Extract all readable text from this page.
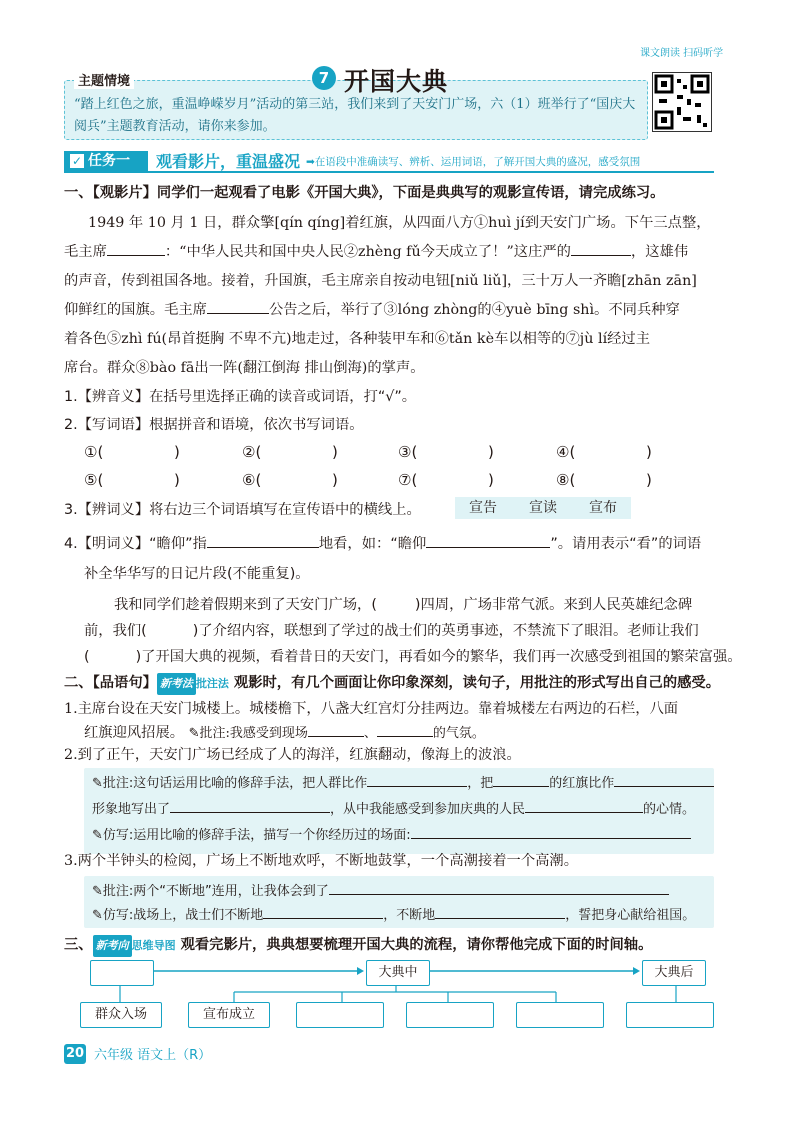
主题情境	7 开国大典
“踏上红色之旅，重温峥嵘岁月”活动的第三站，我们来到了天安门广场，六（1）班举行了“国庆大阅兵”主题教育活动，请你来参加。
课文朗读 扫码听学
✓ 任务一	观看影片，重温盛况 ➡在语段中准确读写、辨析、运用词语，了解开国大典的盛况，感受氛围
一、【观影片】同学们一起观看了电影《开国大典》，下面是典典写的观影宣传语，请完成练习。
1949 年 10 月 1 日，群众擎[qín qíng]着红旗，从四面八方①huì jí到天安门广场。下午三点整，
毛主席	：“中华人民共和国中央人民②zhèng fǔ今天成立了！”这庄严的	，这雄伟
的声音，传到祖国各地。接着，升国旗，毛主席亲自按动电钮[niǔ liǔ]，三十万人一齐瞻[zhān zān]
仰鲜红的国旗。毛主席	公告之后，举行了③lóng zhòng的④yuè bīng shì。不同兵种穿
着各色⑤zhì fú(昂首挺胸 不卑不亢)地走过，各种装甲车和⑥tǎn kè车以相等的⑦jù lí经过主
席台。群众⑧bào fā出一阵(翻江倒海 排山倒海)的掌声。
1.【辨音义】在括号里选择正确的读音或词语，打“√”。
2.【写词语】根据拼音和语境，依次书写词语。
①(	)	②(	)	③(	)	④(	)
⑤(	)	⑥(	)	⑦(	)	⑧(	)
3.【辨词义】将右边三个词语填写在宣传语中的横线上。	宣告 宣读 宣布
4.【明词义】“瞻仰”指	地看，如：“瞻仰	”。请用表示“看”的词语
补全华华写的日记片段(不能重复)。
我和同学们趁着假期来到了天安门广场，(	)四周，广场非常气派。来到人民英雄纪念碑
前，我们(	)了介绍内容，联想到了学过的战士们的英勇事迹，不禁流下了眼泪。老师让我们
(	)了开国大典的视频，看着昔日的天安门，再看如今的繁华，我们再一次感受到祖国的繁荣富强。
二、【品语句】 新考法 批注法 观影时，有几个画面让你印象深刻，读句子，用批注的形式写出自己的感受。
1.主席台设在天安门城楼上。城楼檐下，八盏大红宫灯分挂两边。靠着城楼左右两边的石栏，八面
红旗迎风招展。 ✎批注:我感受到现场	、	的气氛。
2.到了正午，天安门广场已经成了人的海洋，红旗翻动，像海上的波浪。
✎批注:这句话运用比喻的修辞手法，把人群比作	，把	的红旗比作
形象地写出了	，从中我能感受到参加庆典的人民	的心情。
✎仿写:运用比喻的修辞手法，描写一个你经历过的场面:
3.两个半钟头的检阅，广场上不断地欢呼，不断地鼓掌，一个高潮接着一个高潮。
✎批注:两个“不断地”连用，让我体会到了
✎仿写:战场上，战士们不断地	，不断地	，誓把身心献给祖国。
三、 新考向 思维导图 观看完影片，典典想要梳理开国大典的流程，请你帮他完成下面的时间轴。
大典中	大典后
群众入场	宣布成立
20 六年级 语文上（R）
